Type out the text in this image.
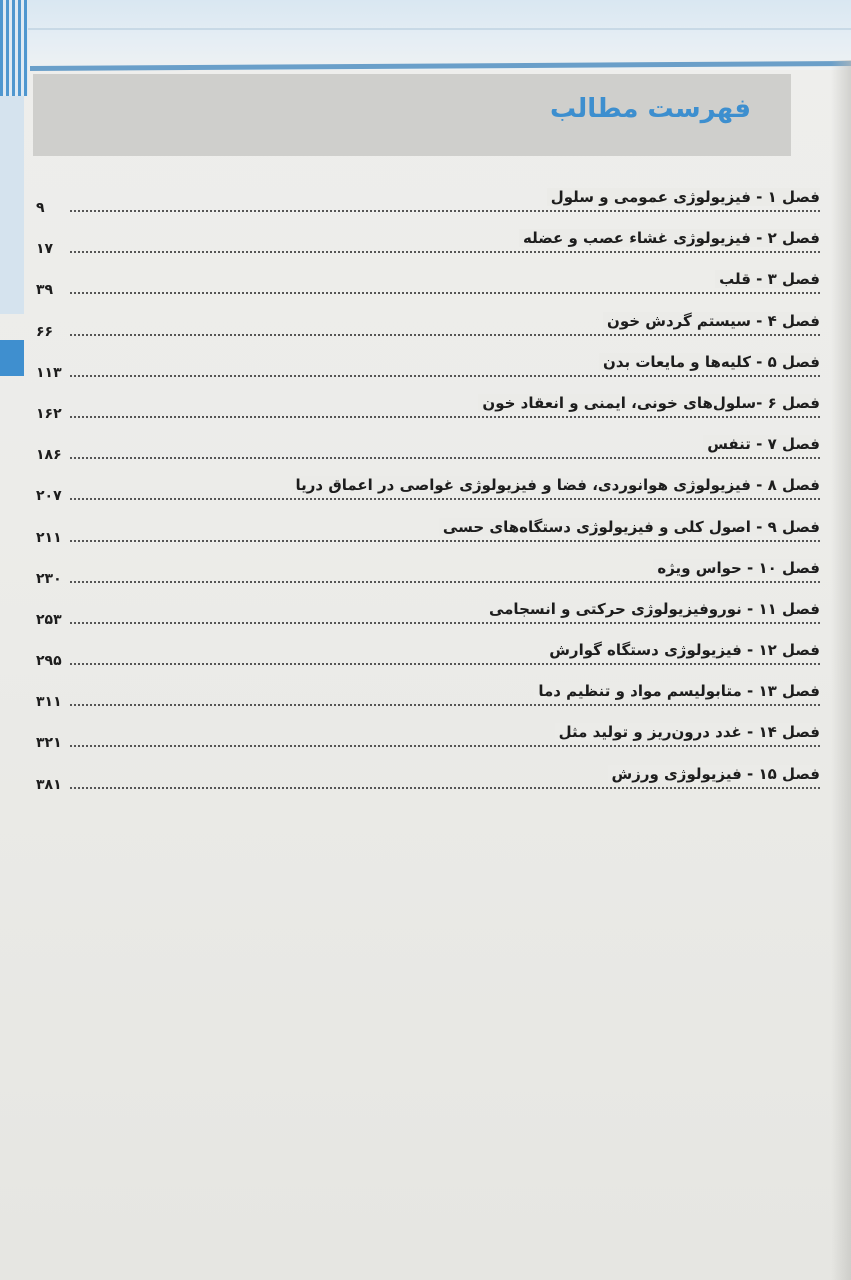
فهرست مطالب
فصل ۱ - فیزیولوژی عمومی و سلول
۹
فصل ۲ - فیزیولوژی غشاء عصب و عضله
۱۷
فصل ۳ - قلب
۳۹
فصل ۴ - سیستم گردش خون
۶۶
فصل ۵ - کلیه‌ها و مایعات بدن
۱۱۳
فصل ۶ -سلول‌های خونی، ایمنی و انعقاد خون
۱۶۲
فصل ۷ - تنفس
۱۸۶
فصل ۸ - فیزیولوژی هوانوردی، فضا و فیزیولوژی غواصی در اعماق دریا
۲۰۷
فصل ۹ - اصول کلی و فیزیولوژی دستگاه‌های حسی
۲۱۱
فصل ۱۰ - حواس ویژه
۲۳۰
فصل ۱۱ - نوروفیزیولوژی حرکتی و انسجامی
۲۵۳
فصل ۱۲ - فیزیولوژی دستگاه گوارش
۲۹۵
فصل ۱۳ - متابولیسم مواد و تنظیم دما
۳۱۱
فصل ۱۴ - غدد درون‌ریز و تولید مثل
۳۲۱
فصل ۱۵ - فیزیولوژی ورزش
۳۸۱
